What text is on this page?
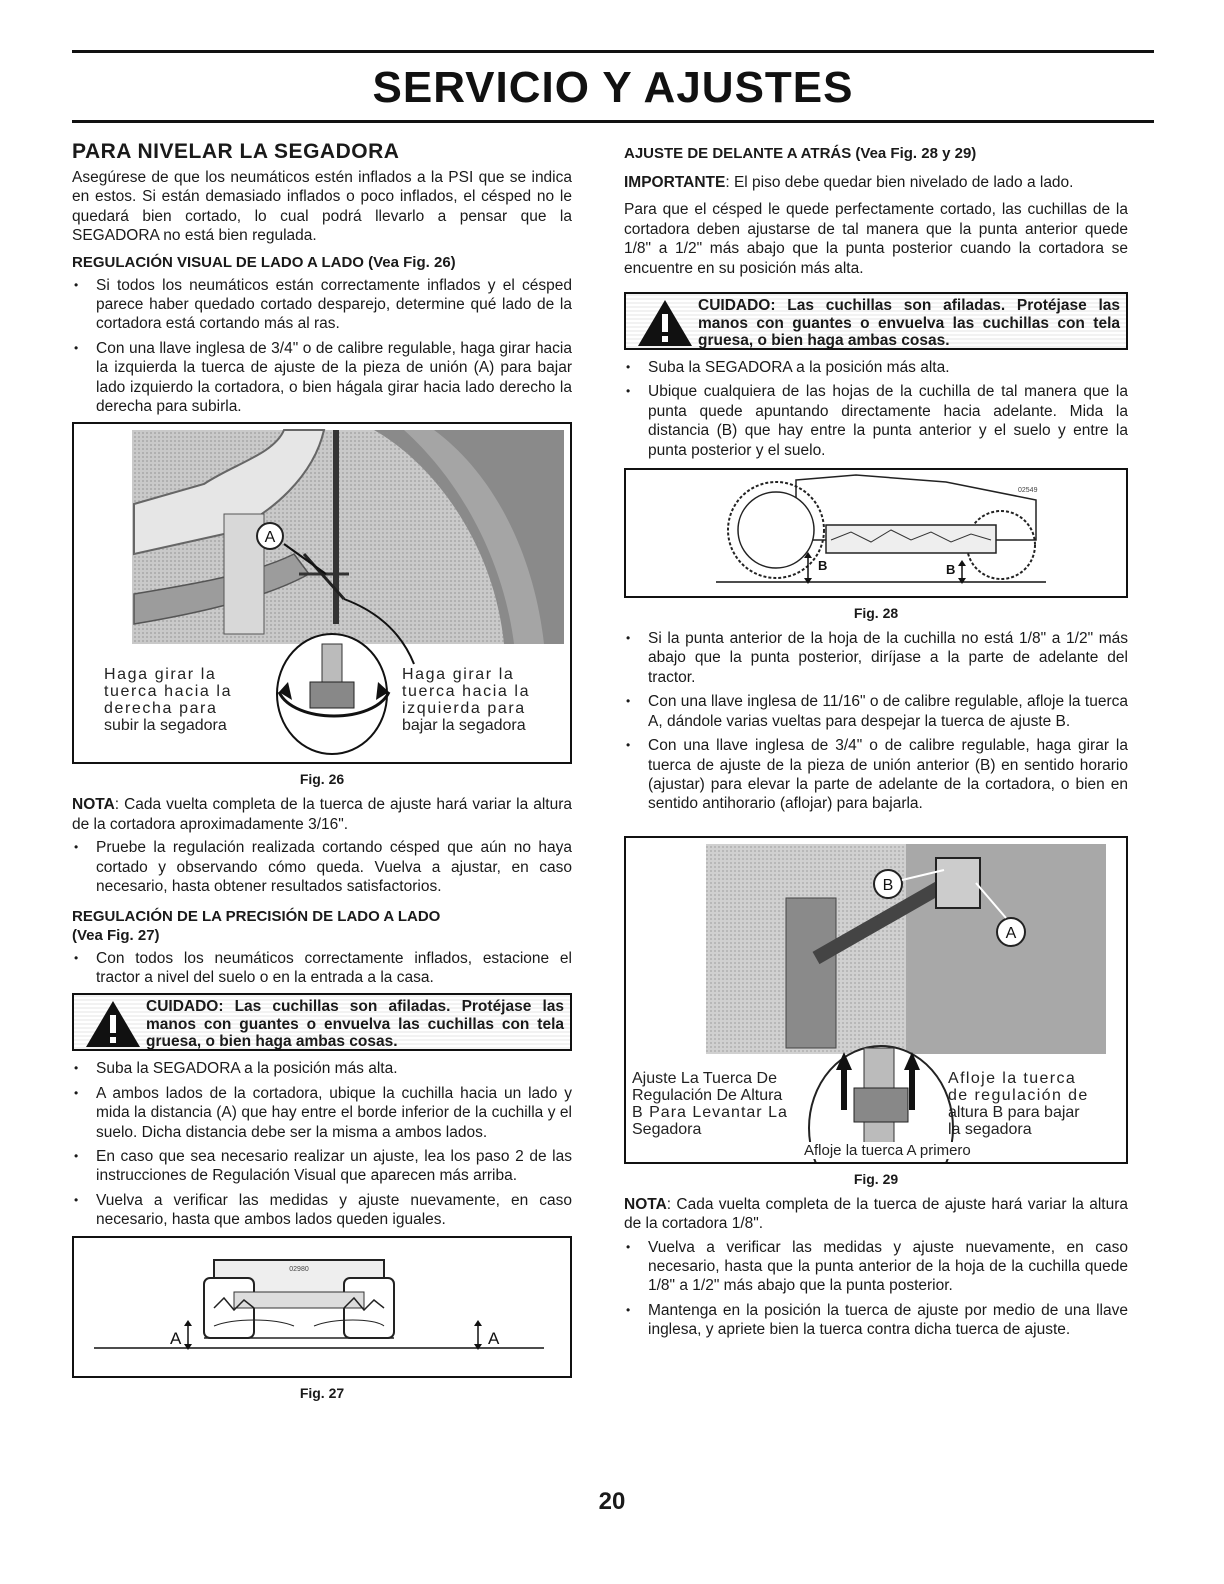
SERVICIO Y AJUSTES
PARA NIVELAR LA SEGADORA

Asegúrese de que los neumáticos estén inflados a la PSI que se indica en estos. Si están demasiado inflados o poco inflados, el césped no le quedará bien cortado, lo cual podrá llevarlo a pensar que la SEGADORA no está bien regulada.

REGULACIÓN VISUAL DE LADO A LADO (Vea Fig. 26)
• Si todos los neumáticos están correctamente inflados y el césped parece haber quedado cortado desparejo, determine qué lado de la cortadora está cortando más al ras.
• Con una llave inglesa de 3/4" o de calibre regulable, haga girar hacia la izquierda la tuerca de ajuste de la pieza de unión (A) para bajar lado izquierdo la cortadora, o bien hágala girar hacia lado derecho la derecha para subirla.
A
Haga girar la
tuerca hacia la
derecha para
subir la segadora
Haga girar la
tuerca hacia la
izquierda para
bajar la segadora
Fig. 26

NOTA: Cada vuelta completa de la tuerca de ajuste hará variar la altura de la cortadora aproximadamente 3/16".

• Pruebe la regulación realizada cortando césped que aún no haya cortado y observando cómo queda. Vuelva a ajustar, en caso necesario, hasta obtener resultados satisfactorios.
REGULACIÓN DE LA PRECISIÓN DE LADO A LADO
(Vea Fig. 27)
• Con todos los neumáticos correctamente inflados, estacione el tractor a nivel del suelo o en la entrada a la casa.
CUIDADO: Las cuchillas son afiladas. Protéjase las manos con guantes o envuelva las cuchillas con tela gruesa, o bien haga ambas cosas.
• Suba la SEGADORA a la posición más alta.
• A ambos lados de la cortadora, ubique la cuchilla hacia un lado y mida la distancia (A) que hay entre el borde inferior de la cuchilla y el suelo. Dicha distancia debe ser la misma a ambos lados.
• En caso que sea necesario realizar un ajuste, lea los paso 2 de las instrucciones de Regulación Visual que aparecen más arriba.
• Vuelva a verificar las medidas y ajuste nuevamente, en caso necesario, hasta que ambos lados queden iguales.
02980
A	A
Fig. 27
AJUSTE DE DELANTE A ATRÁS (Vea Fig. 28 y 29)

IMPORTANTE: El piso debe quedar bien nivelado de lado a lado.

Para que el césped le quede perfectamente cortado, las cuchillas de la cortadora deben ajustarse de tal manera que la punta anterior quede 1/8" a 1/2" más abajo que la punta posterior cuando la cortadora se encuentre en su posición más alta.

CUIDADO: Las cuchillas son afiladas. Protéjase las manos con guantes o envuelva las cuchillas con tela gruesa, o bien haga ambas cosas.
• Suba la SEGADORA a la posición más alta.
• Ubique cualquiera de las hojas de la cuchilla de tal manera que la punta quede apuntando directamente hacia adelante. Mida la distancia (B) que hay entre la punta anterior y el suelo y entre la punta posterior y el suelo.
02549
B	B
Fig. 28
• Si la punta anterior de la hoja de la cuchilla no está 1/8" a 1/2" más abajo que la punta posterior, diríjase a la parte de adelante del tractor.
• Con una llave inglesa de 11/16" o de calibre regulable, afloje la tuerca A, dándole varias vueltas para despejar la tuerca de ajuste B.
• Con una llave inglesa de 3/4" o de calibre regulable, haga girar la tuerca de ajuste de la pieza de unión anterior (B) en sentido horario (ajustar) para elevar la parte de adelante de la cortadora, o bien en sentido antihorario (aflojar) para bajarla.
B
A
Ajuste La Tuerca De
Regulación De Altura
B Para Levantar La
Segadora
Afloje la tuerca
de regulación de
altura B para bajar
la segadora
Afloje la tuerca A primero
Fig. 29

NOTA: Cada vuelta completa de la tuerca de ajuste hará variar la altura de la cortadora 1/8".

• Vuelva a verificar las medidas y ajuste nuevamente, en caso necesario, hasta que la punta anterior de la hoja de la cuchilla quede 1/8" a 1/2" más abajo que la punta posterior.
• Mantenga en la posición la tuerca de ajuste por medio de una llave inglesa, y apriete bien la tuerca contra dicha tuerca de ajuste.
20
